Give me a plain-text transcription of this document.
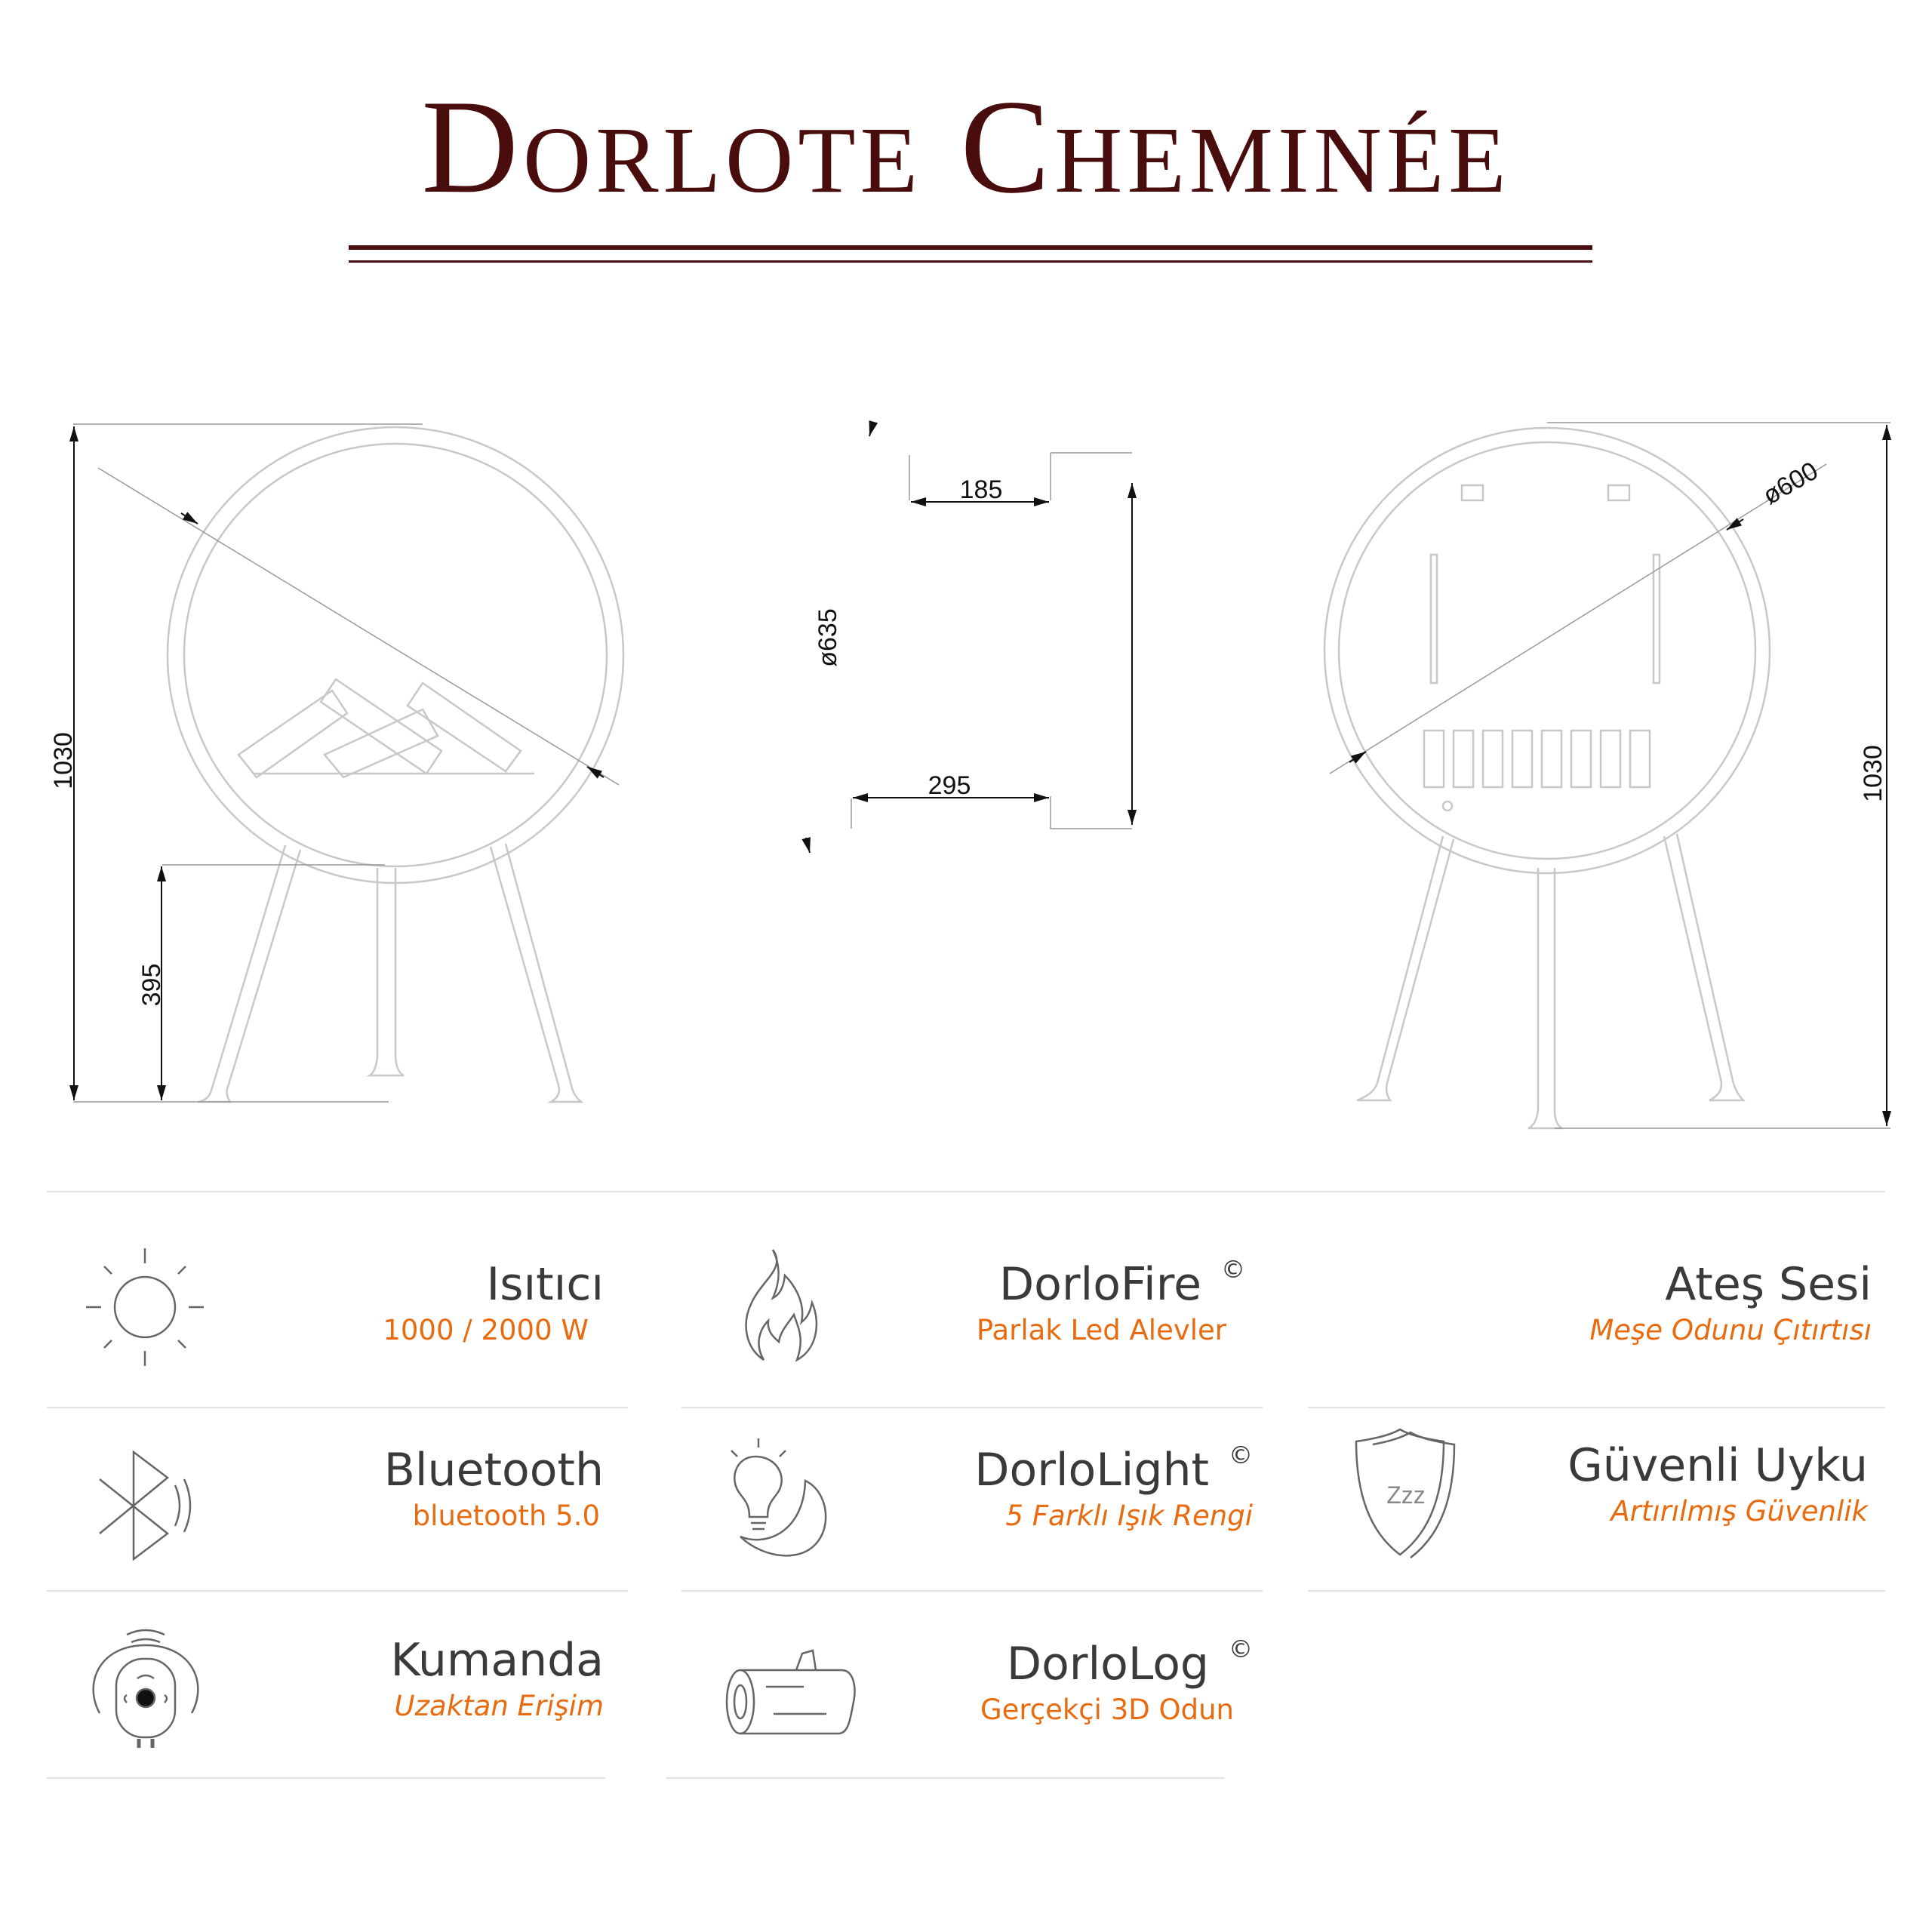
Dorlote Cheminée
1030
395
185
ø635
295
ø600
1030
Zzz
Isıtıcı
1000 / 2000 W
DorloFire ©
Parlak Led Alevler
Ateş Sesi
Meşe Odunu Çıtırtısı
Bluetooth
bluetooth 5.0
DorloLight ©
5 Farklı Işık Rengi
Güvenli Uyku
Artırılmış Güvenlik
Kumanda
Uzaktan Erişim
DorloLog ©
Gerçekçi 3D Odun
